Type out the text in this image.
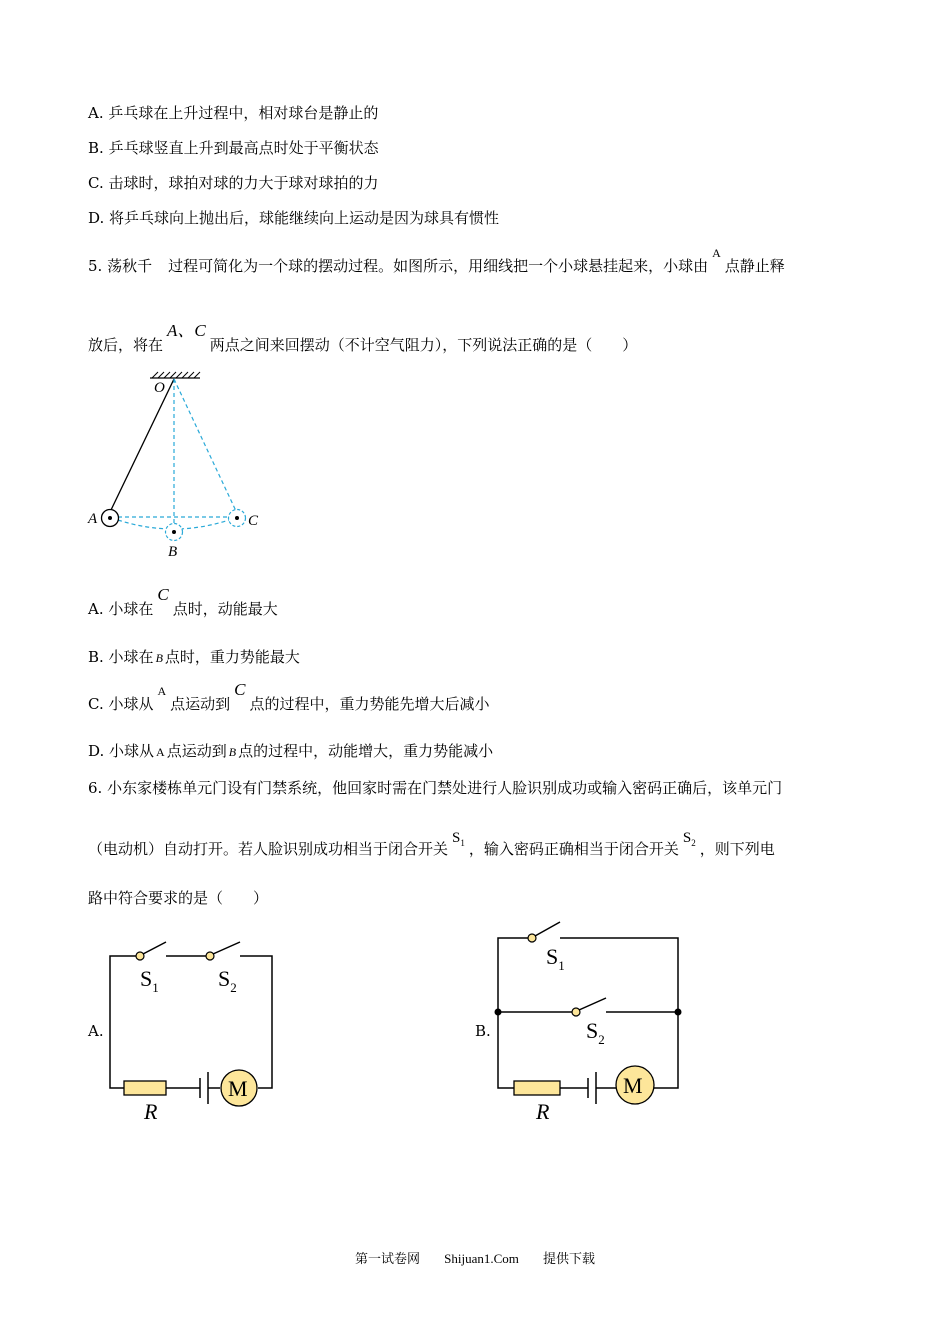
A. 乒乓球在上升过程中，相对球台是静止的
B. 乒乓球竖直上升到最高点时处于平衡状态
C. 击球时，球拍对球的力大于球对球拍的力
D. 将乒乓球向上抛出后，球能继续向上运动是因为球具有惯性
5. 荡秋千 过程可简化为一个球的摆动过程。如图所示，用细线把一个小球悬挂起来，小球由$^A$点静止释
放后，将在A、C两点之间来回摆动（不计空气阻力），下列说法正确的是（　　）
O
A
B
C
A. 小球在C点时，动能最大
B. 小球在 B 点时，重力势能最大
C. 小球从$^A$点运动到C点的过程中，重力势能先增大后减小
D. 小球从 A 点运动到 B 点的过程中，动能增大，重力势能减小
6. 小东家楼栋单元门设有门禁系统，他回家时需在门禁处进行人脸识别成功或输入密码正确后，该单元门
（电动机）自动打开。若人脸识别成功相当于闭合开关$S_1$ ，输入密码正确相当于闭合开关$S_2$ ，则下列电
路中符合要求的是（　　）
A.
M
$S_1$	$S_2$
R
B.
M
$S_1$
$S_2$
R
第一试卷网 Shijuan1.Com 提供下载
